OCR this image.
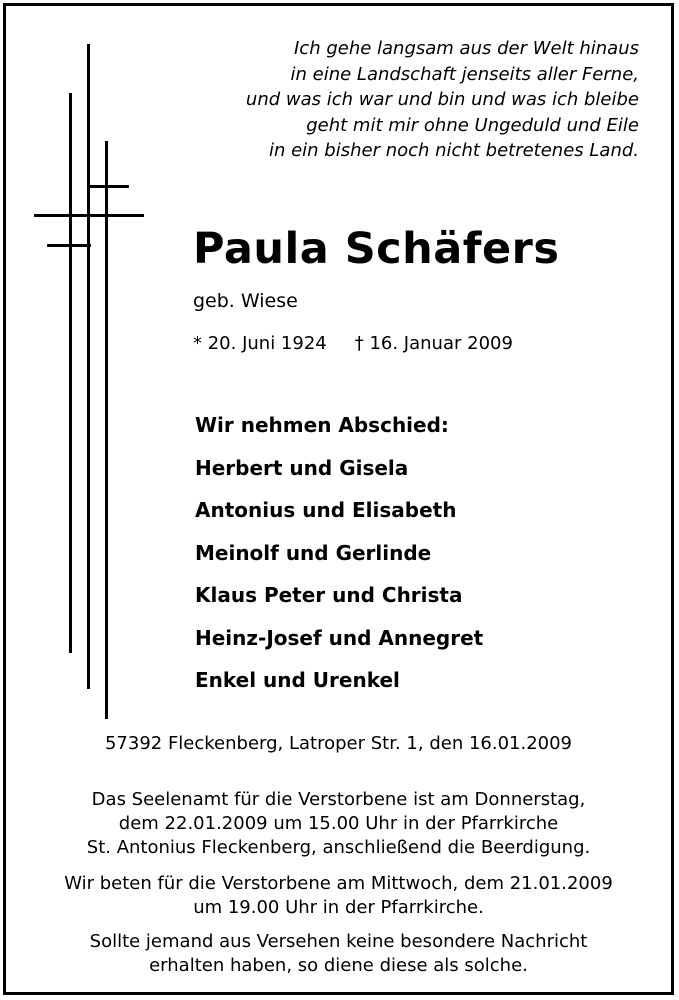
Ich gehe langsam aus der Welt hinaus
in eine Landschaft jenseits aller Ferne,
und was ich war und bin und was ich bleibe
geht mit mir ohne Ungeduld und Eile
in ein bisher noch nicht betretenes Land.
Paula Schäfers
geb. Wiese
* 20. Juni 1924 † 16. Januar 2009
Wir nehmen Abschied:
Herbert und Gisela
Antonius und Elisabeth
Meinolf und Gerlinde
Klaus Peter und Christa
Heinz-Josef und Annegret
Enkel und Urenkel
57392 Fleckenberg, Latroper Str. 1, den 16.01.2009
Das Seelenamt für die Verstorbene ist am Donnerstag,
dem 22.01.2009 um 15.00 Uhr in der Pfarrkirche
St. Antonius Fleckenberg, anschließend die Beerdigung.
Wir beten für die Verstorbene am Mittwoch, dem 21.01.2009
um 19.00 Uhr in der Pfarrkirche.
Sollte jemand aus Versehen keine besondere Nachricht
erhalten haben, so diene diese als solche.
